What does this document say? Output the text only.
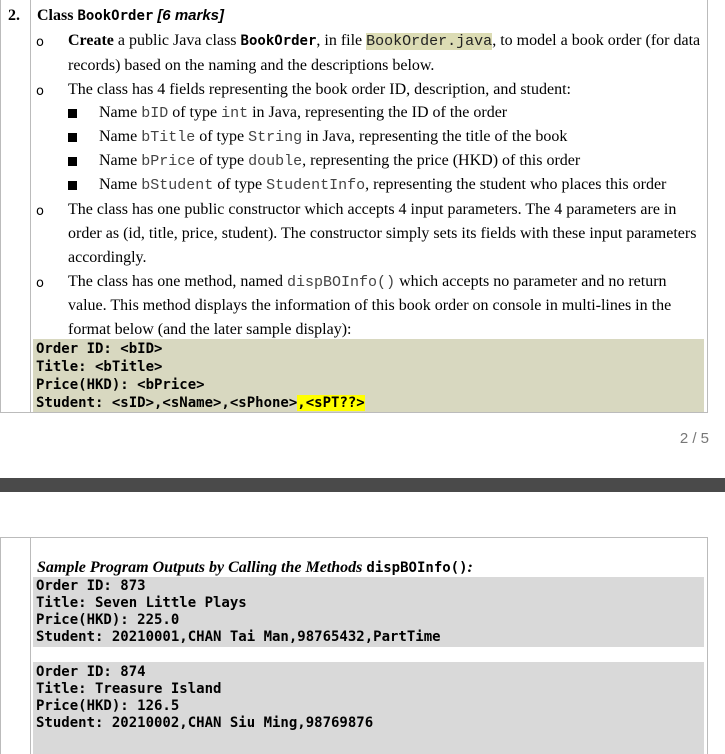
2. Class BookOrder [6 marks]
o Create a public Java class BookOrder, in file BookOrder.java, to model a book order (for data
records) based on the naming and the descriptions below.
o The class has 4 fields representing the book order ID, description, and student:
Name bID of type int in Java, representing the ID of the order
Name bTitle of type String in Java, representing the title of the book
Name bPrice of type double, representing the price (HKD) of this order
Name bStudent of type StudentInfo, representing the student who places this order
o The class has one public constructor which accepts 4 input parameters. The 4 parameters are in
order as (id, title, price, student). The constructor simply sets its fields with these input parameters
accordingly.
o The class has one method, named dispBOInfo() which accepts no parameter and no return
value. This method displays the information of this book order on console in multi-lines in the
format below (and the later sample display):
Order ID: <bID>
Title: <bTitle>
Price(HKD): <bPrice>
Student: <sID>,<sName>,<sPhone>,<sPT??>
2 / 5
Sample Program Outputs by Calling the Methods dispBOInfo():
Order ID: 873
Title: Seven Little Plays
Price(HKD): 225.0
Student: 20210001,CHAN Tai Man,98765432,PartTime
Order ID: 874
Title: Treasure Island
Price(HKD): 126.5
Student: 20210002,CHAN Siu Ming,98769876
